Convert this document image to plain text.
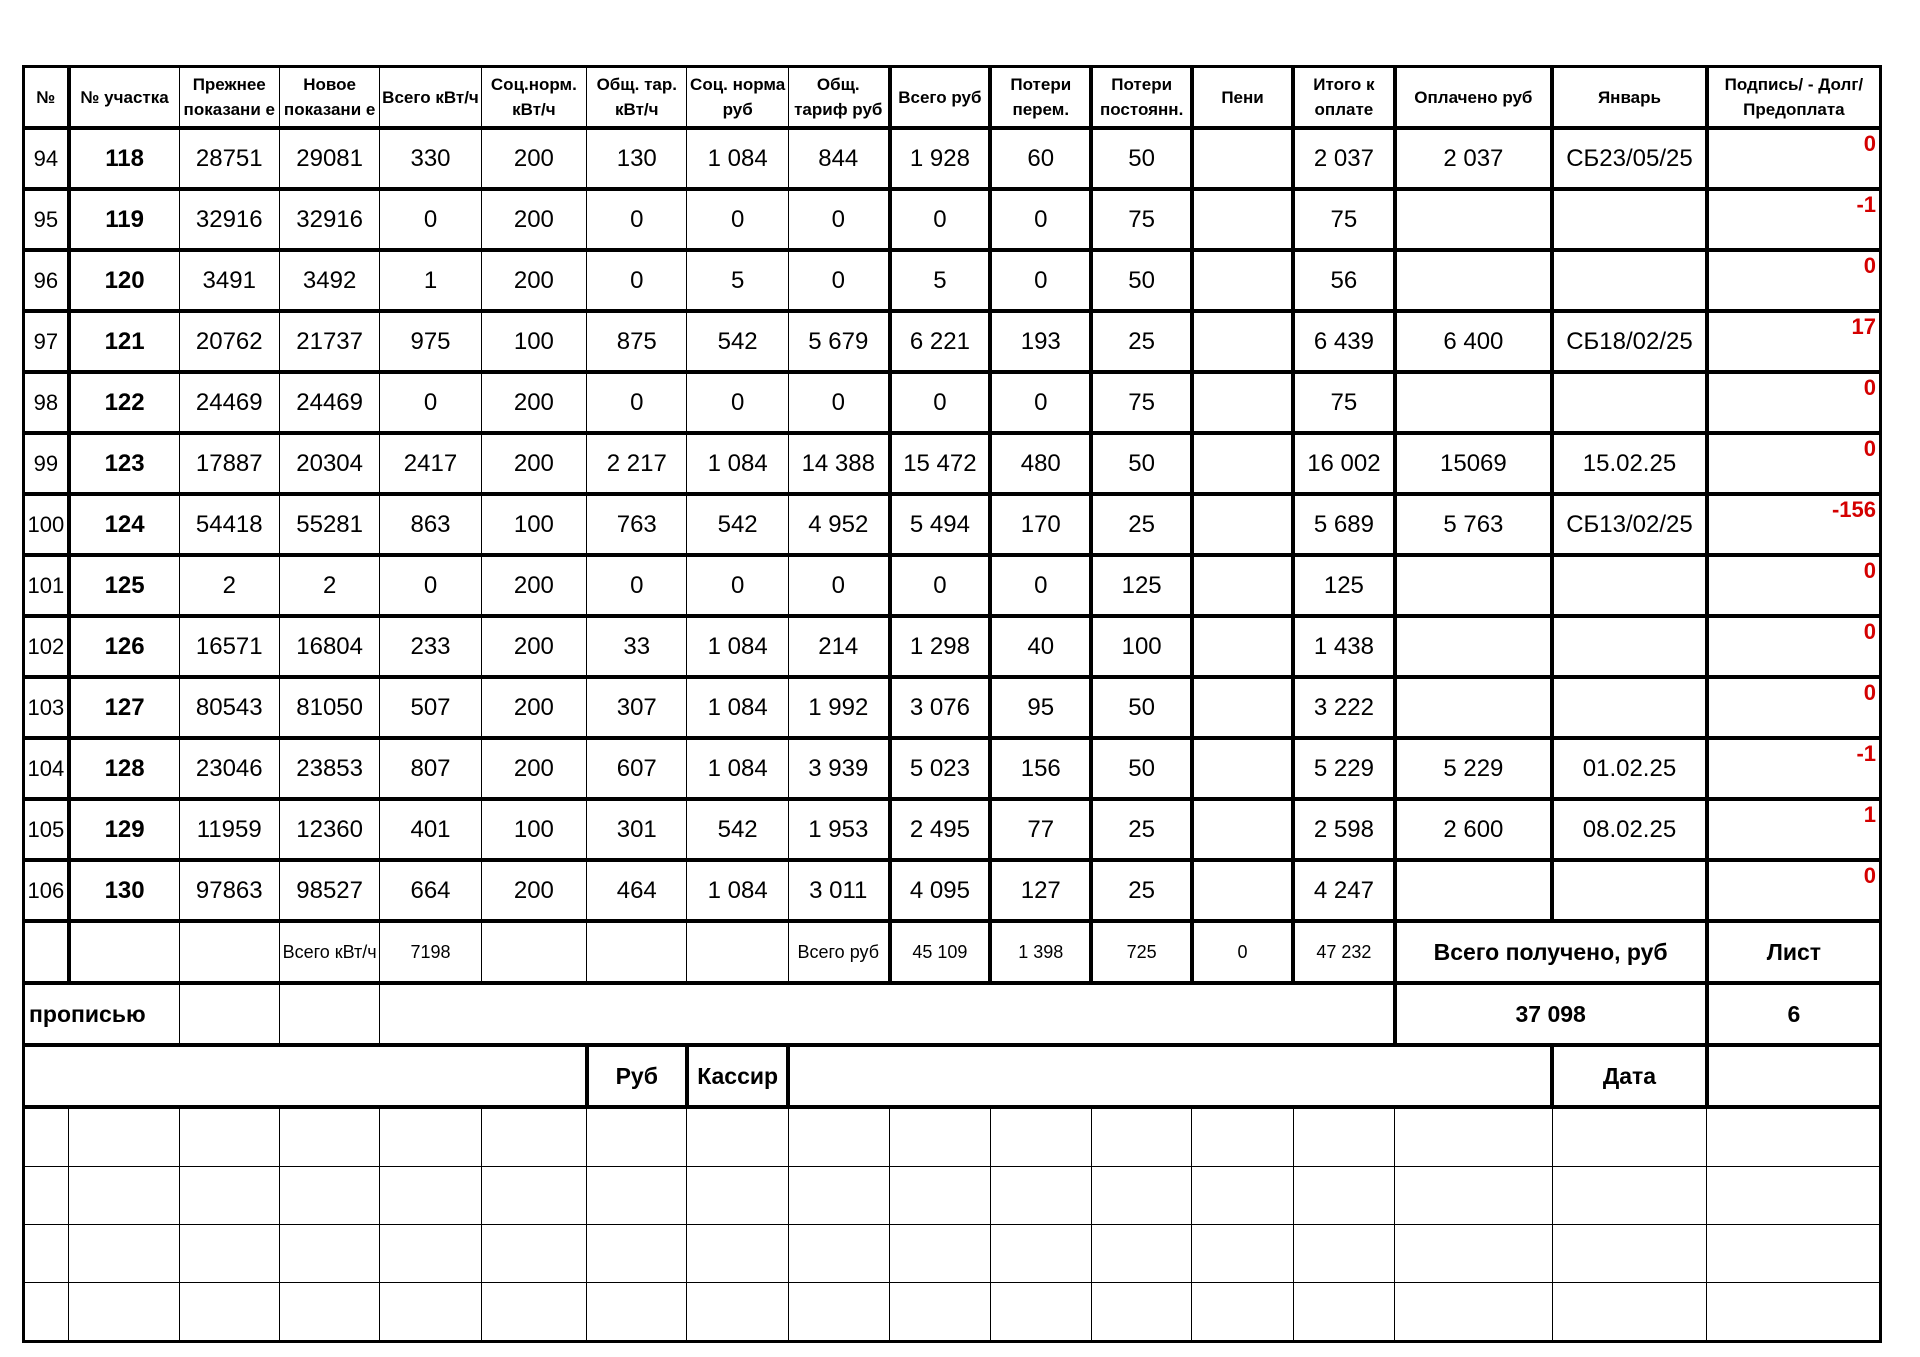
№	№ участка	Прежнее показани е	Новое показани е	Всего кВт/ч	Соц.норм. кВт/ч	Общ. тар. кВт/ч	Соц. норма руб	Общ. тариф руб	Всего руб	Потери перем.	Потери постоянн.	Пени	Итого к оплате	Оплачено руб	Январь	Подпись/ - Долг/Предоплата

94	118	28751	29081	330	200	130	1 084	844	1 928	60	50		2 037	2 037	СБ23/05/25	0

95	119	32916	32916	0	200	0	0	0	0	0	75		75			-1

96	120	3491	3492	1	200	0	5	0	5	0	50		56			0

97	121	20762	21737	975	100	875	542	5 679	6 221	193	25		6 439	6 400	СБ18/02/25	17

98	122	24469	24469	0	200	0	0	0	0	0	75		75			0

99	123	17887	20304	2417	200	2 217	1 084	14 388	15 472	480	50		16 002	15069	15.02.25	0

100	124	54418	55281	863	100	763	542	4 952	5 494	170	25		5 689	5 763	СБ13/02/25	-156

101	125	2	2	0	200	0	0	0	0	0	125		125			0

102	126	16571	16804	233	200	33	1 084	214	1 298	40	100		1 438			0

103	127	80543	81050	507	200	307	1 084	1 992	3 076	95	50		3 222			0

104	128	23046	23853	807	200	607	1 084	3 939	5 023	156	50		5 229	5 229	01.02.25	-1

105	129	11959	12360	401	100	301	542	1 953	2 495	77	25		2 598	2 600	08.02.25	1

106	130	97863	98527	664	200	464	1 084	3 011	4 095	127	25		4 247			0

			Всего кВт/ч	7198				Всего руб	45 109	1 398	725	0	47 232	Всего получено, руб		Лист
прописью														37 098		6
						Руб	Кассир								Дата	
